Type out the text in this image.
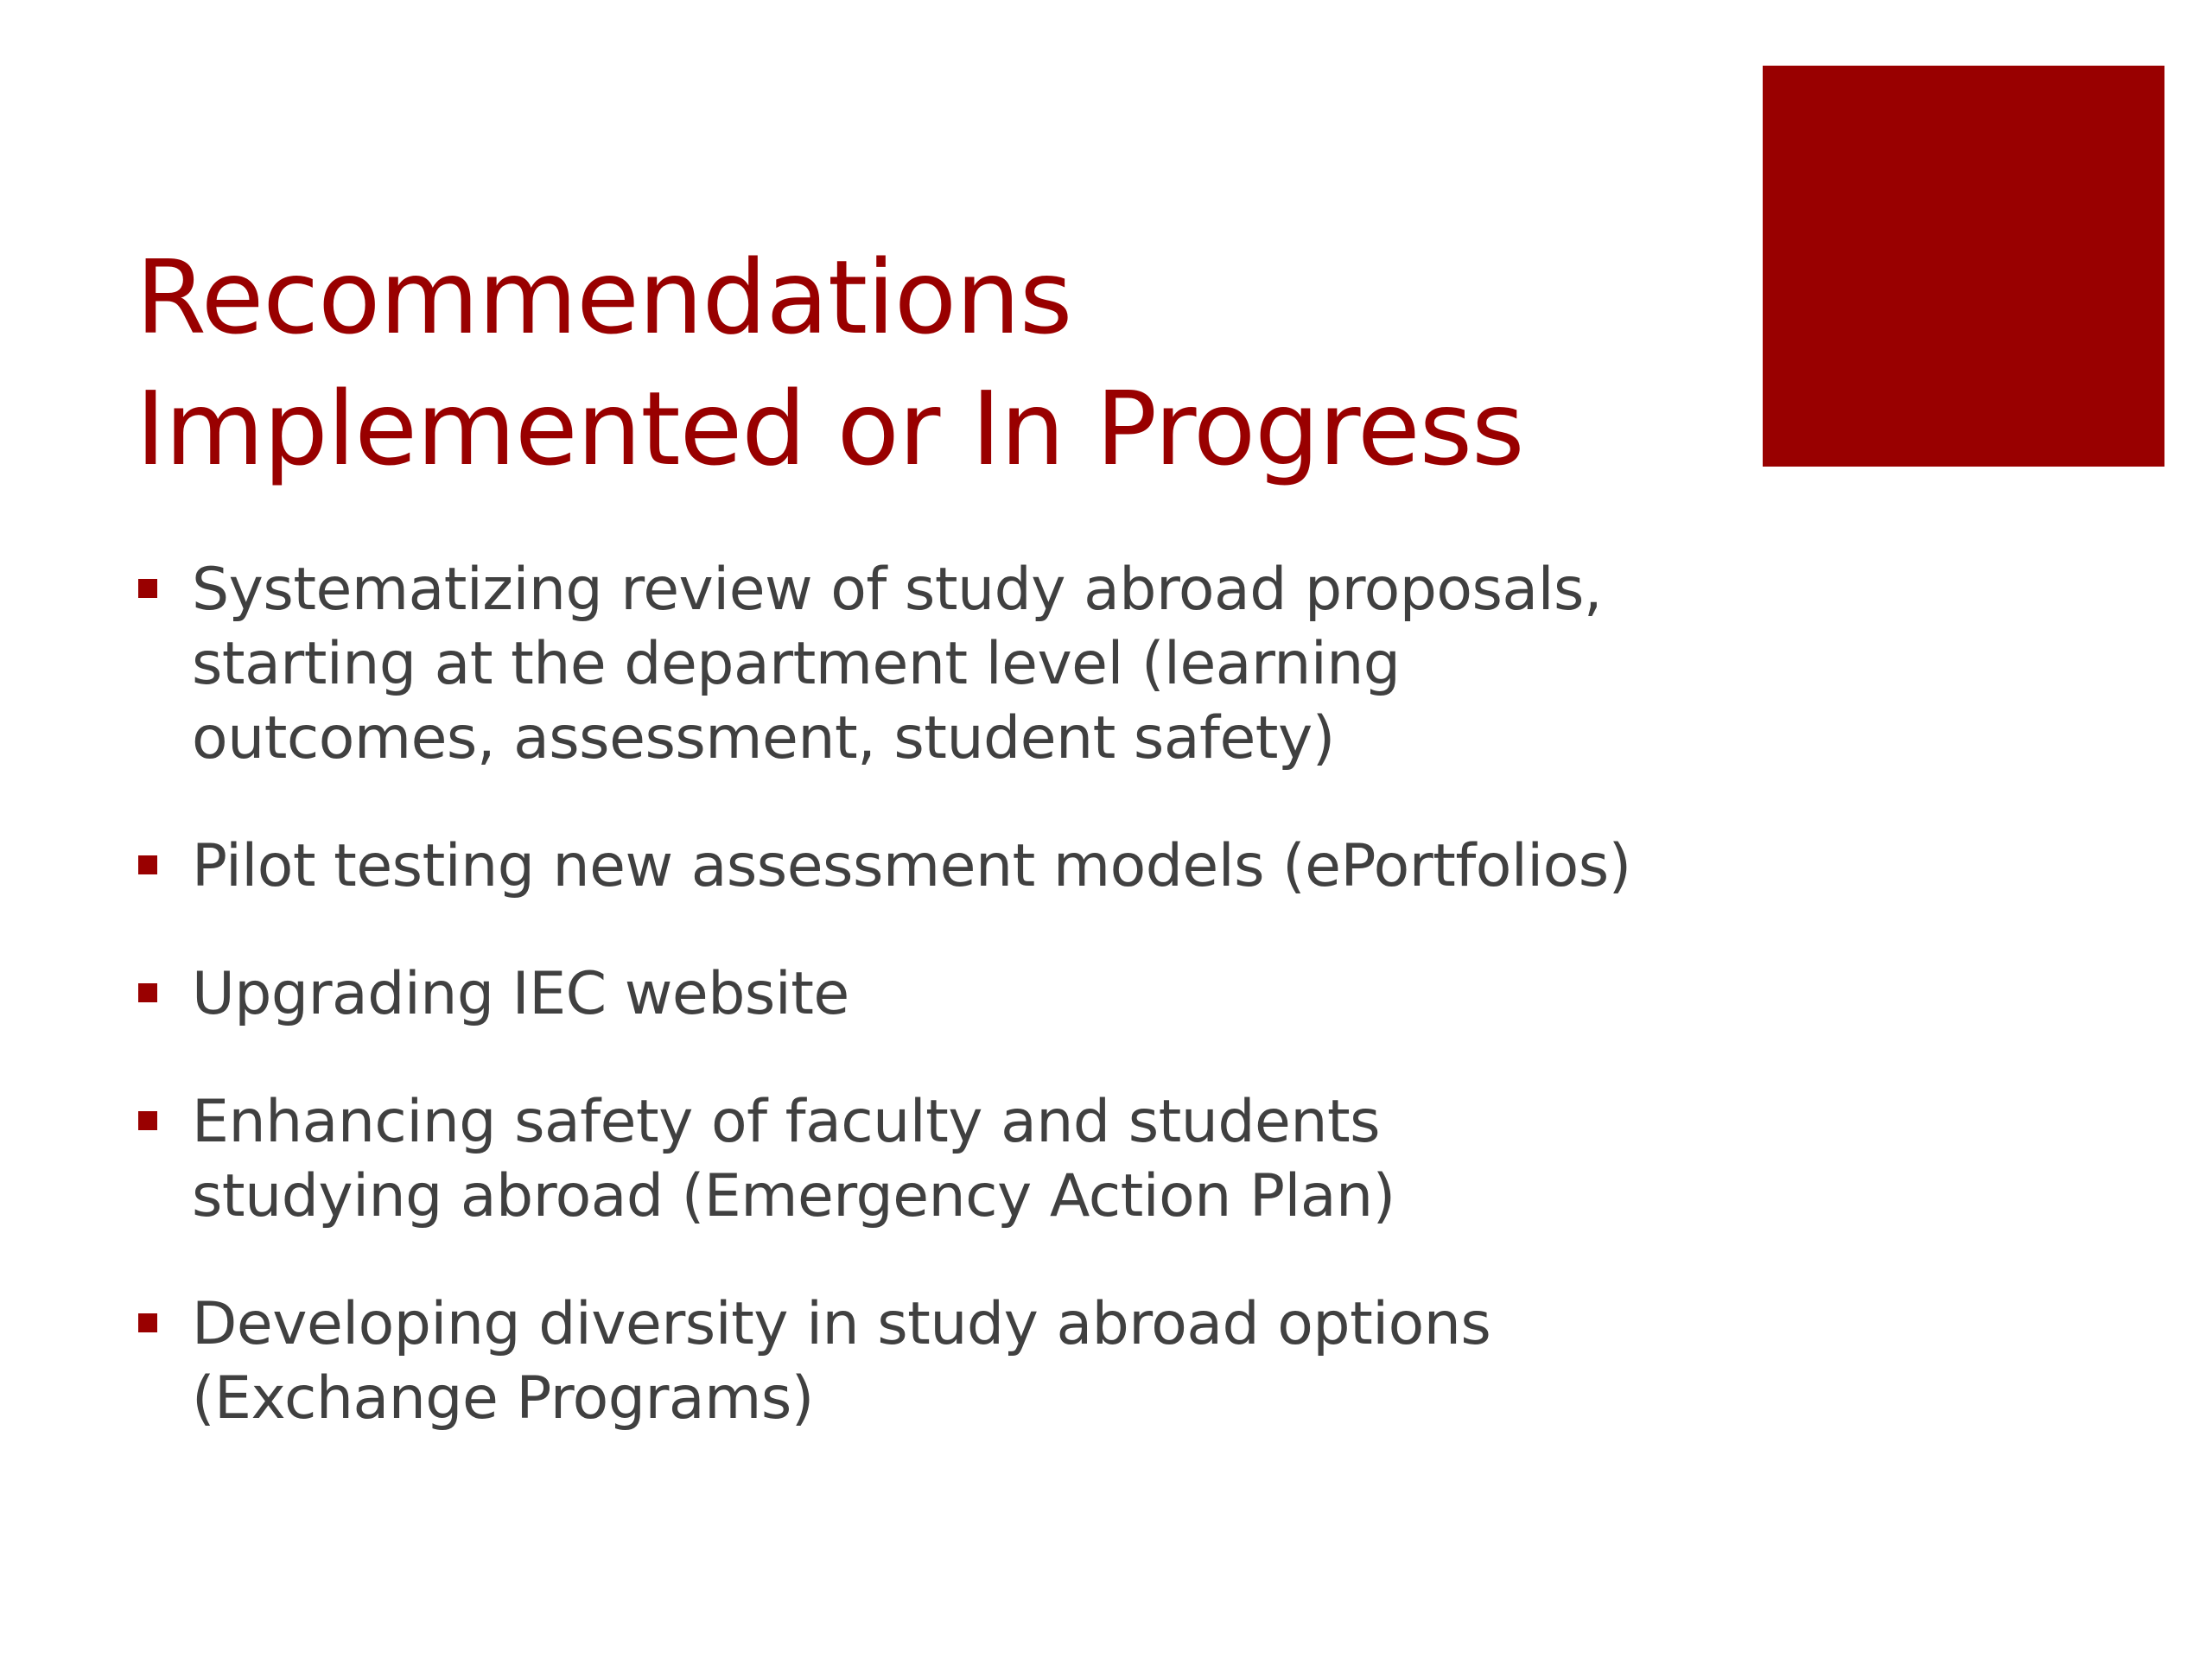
Recommendations
Implemented or In Progress
Systematizing review of study abroad proposals,
starting at the department level (learning
outcomes, assessment, student safety)
Pilot testing new assessment models (ePortfolios)
Upgrading IEC website
Enhancing safety of faculty and students
studying abroad (Emergency Action Plan)
Developing diversity in study abroad options
(Exchange Programs)
